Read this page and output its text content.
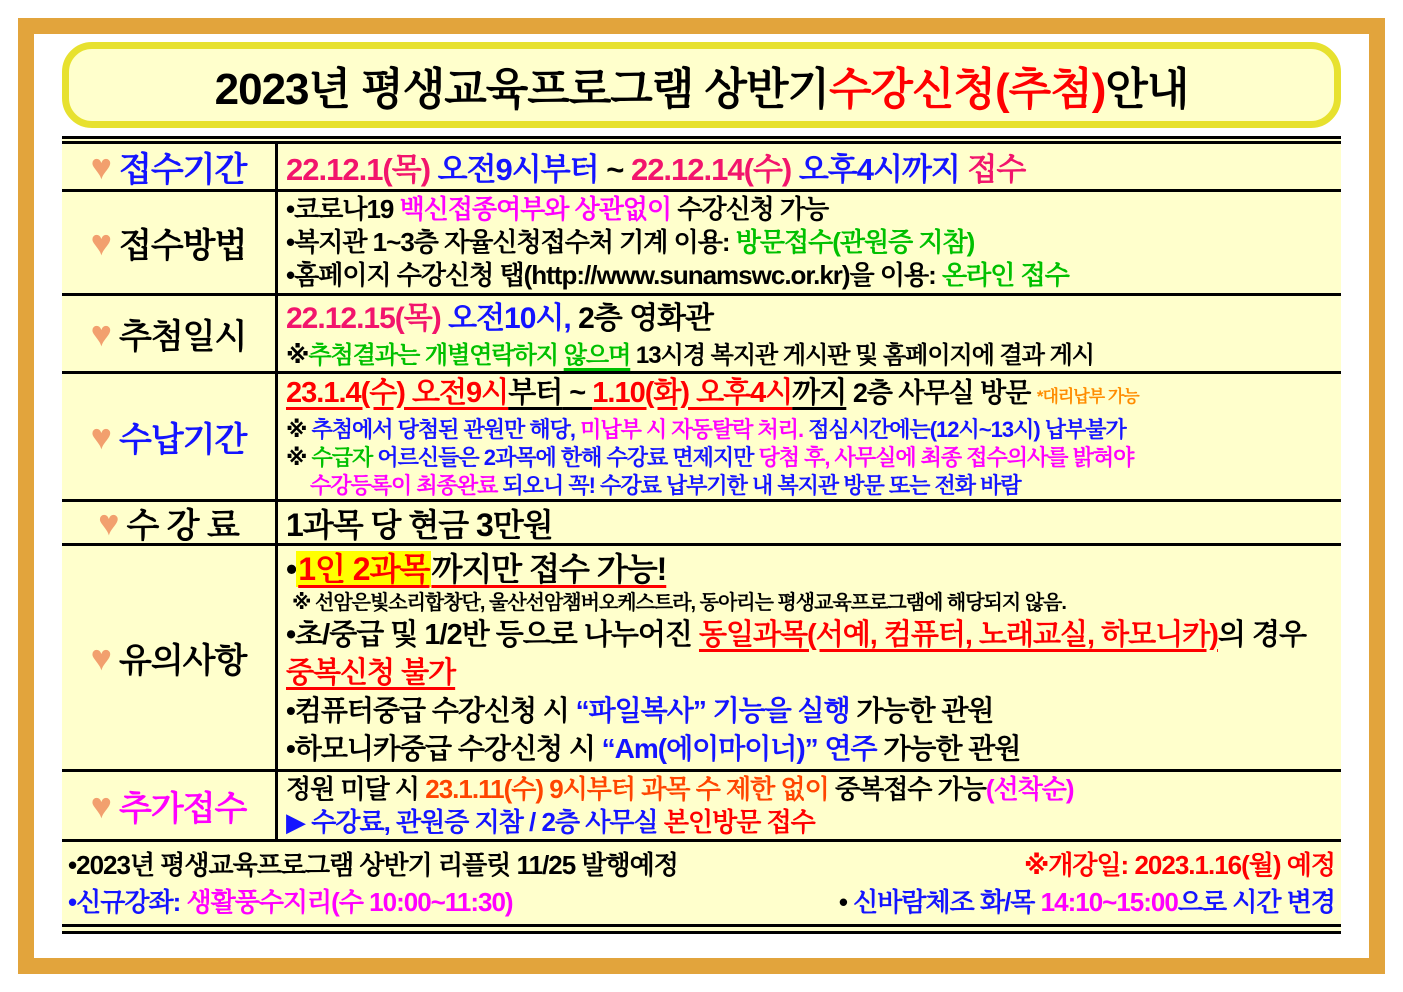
2023년 평생교육프로그램 상반기 수강신청(추첨) 안내
♥ 접수기간 22.12.1(목) 오전9시부터 ~ 22.12.14(수) 오후4시까지 접수
♥ 접수방법
•코로나19 백신접종여부와 상관없이 수강신청 가능
•복지관 1~3층 자율신청접수처 기계 이용: 방문접수(관원증 지참)
•홈페이지 수강신청 탭(http://www.sunamswc.or.kr)을 이용: 온라인 접수
♥ 추첨일시 22.12.15(목) 오전10시, 2층 영화관
※추첨결과는 개별연락하지 않으며 13시경 복지관 게시판 및 홈페이지에 결과 게시
♥ 수납기간
23.1.4(수) 오전9시부터 ~ 1.10(화) 오후4시까지 2층 사무실 방문 *대리납부 가능
※ 추첨에서 당첨된 관원만 해당, 미납부 시 자동탈락 처리. 점심시간에는(12시~13시) 납부불가
※ 수급자 어르신들은 2과목에 한해 수강료 면제지만 당첨 후, 사무실에 최종 접수의사를 밝혀야
수강등록이 최종완료 되오니 꼭! 수강료 납부기한 내 복지관 방문 또는 전화 바람
♥ 수 강 료 1과목 당 현금 3만원
♥ 유의사항
•1인 2과목까지만 접수 가능!
※ 선암은빛소리합창단, 울산선암챔버오케스트라, 동아리는 평생교육프로그램에 해당되지 않음.
•초/중급 및 1/2반 등으로 나누어진 동일과목(서예, 컴퓨터, 노래교실, 하모니카)의 경우 중복신청 불가
•컴퓨터중급 수강신청 시 “파일복사” 기능을 실행 가능한 관원
•하모니카중급 수강신청 시 “Am(에이마이너)” 연주 가능한 관원
♥ 추가접수
정원 미달 시 23.1.11(수) 9시부터 과목 수 제한 없이 중복접수 가능(선착순)
▶ 수강료, 관원증 지참 / 2층 사무실 본인방문 접수
•2023년 평생교육프로그램 상반기 리플릿 11/25 발행예정	※개강일: 2023.1.16(월) 예정
•신규강좌: 생활풍수지리(수 10:00~11:30)	• 신바람체조 화/목 14:10~15:00으로 시간 변경
